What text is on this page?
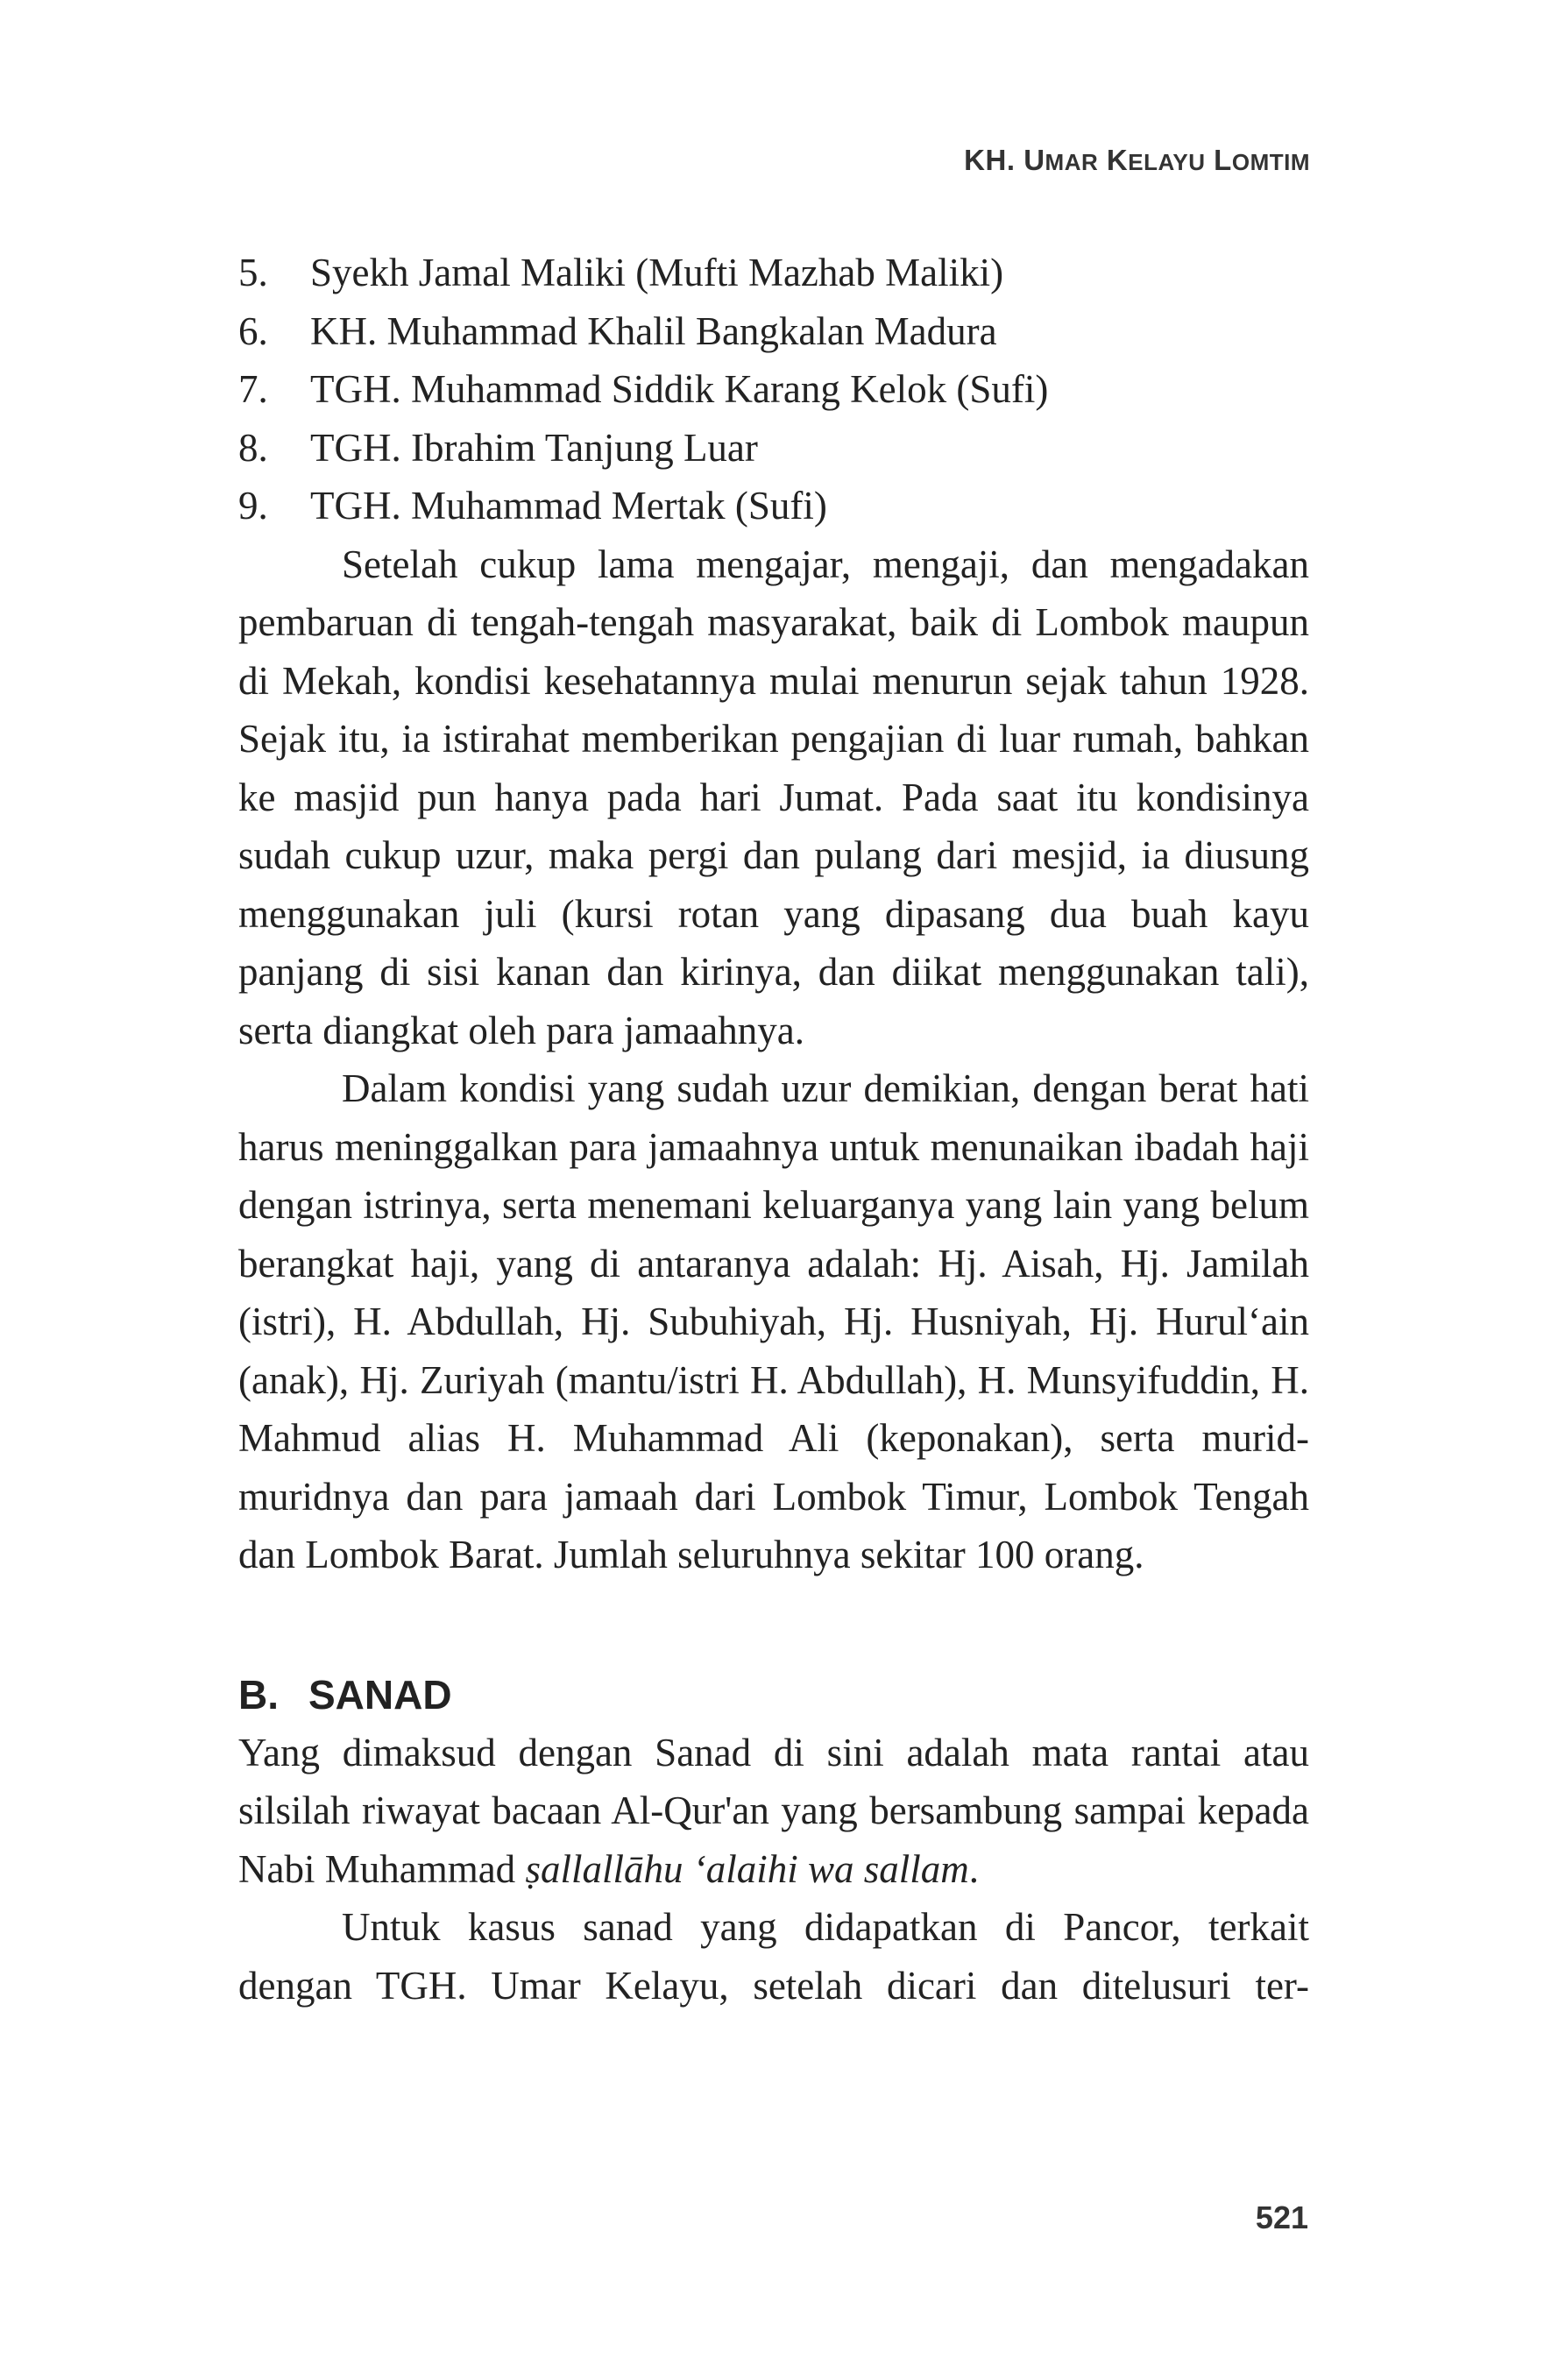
KH. UMAR KELAYU LOMTIM
5.	Syekh Jamal Maliki (Mufti Mazhab Maliki)
6.	KH. Muhammad Khalil Bangkalan Madura
7.	TGH. Muhammad Siddik Karang Kelok (Sufi)
8.	TGH. Ibrahim Tanjung Luar
9.	TGH. Muhammad Mertak (Sufi)

Setelah cukup lama mengajar, mengaji, dan mengadakan pembaruan di tengah-tengah masyarakat, baik di Lombok maupun di Mekah, kondisi kesehatannya mulai menurun sejak tahun 1928. Sejak itu, ia istirahat memberikan pengajian di luar rumah, bahkan ke masjid pun hanya pada hari Jumat. Pada saat itu kondisinya sudah cukup uzur, maka pergi dan pulang dari mesjid, ia diusung menggunakan juli (kursi rotan yang dipasang dua buah kayu panjang di sisi kanan dan kirinya, dan diikat menggunakan tali), serta diangkat oleh para jamaahnya.

Dalam kondisi yang sudah uzur demikian, dengan berat hati harus meninggalkan para jamaahnya untuk menunaikan ibadah haji dengan istrinya, serta menemani keluarganya yang lain yang belum berangkat haji, yang di antaranya adalah: Hj. Aisah, Hj. Jamilah (istri), H. Abdullah, Hj. Subuhiyah, Hj. Husniyah, Hj. Hurul‘ain (anak), Hj. Zuriyah (mantu/istri H. Abdullah), H. Munsyifuddin, H. Mahmud alias H. Muhammad Ali (keponakan), serta murid-muridnya dan para jamaah dari Lombok Timur, Lombok Tengah dan Lombok Barat. Jumlah seluruhnya sekitar 100 orang.

B. SANAD

Yang dimaksud dengan Sanad di sini adalah mata rantai atau silsilah riwayat bacaan Al-Qur'an yang bersambung sampai kepada Nabi Muhammad ṣallallāhu ‘alaihi wa sallam.

Untuk kasus sanad yang didapatkan di Pancor, terkait dengan TGH. Umar Kelayu, setelah dicari dan ditelusuri ter-

521
